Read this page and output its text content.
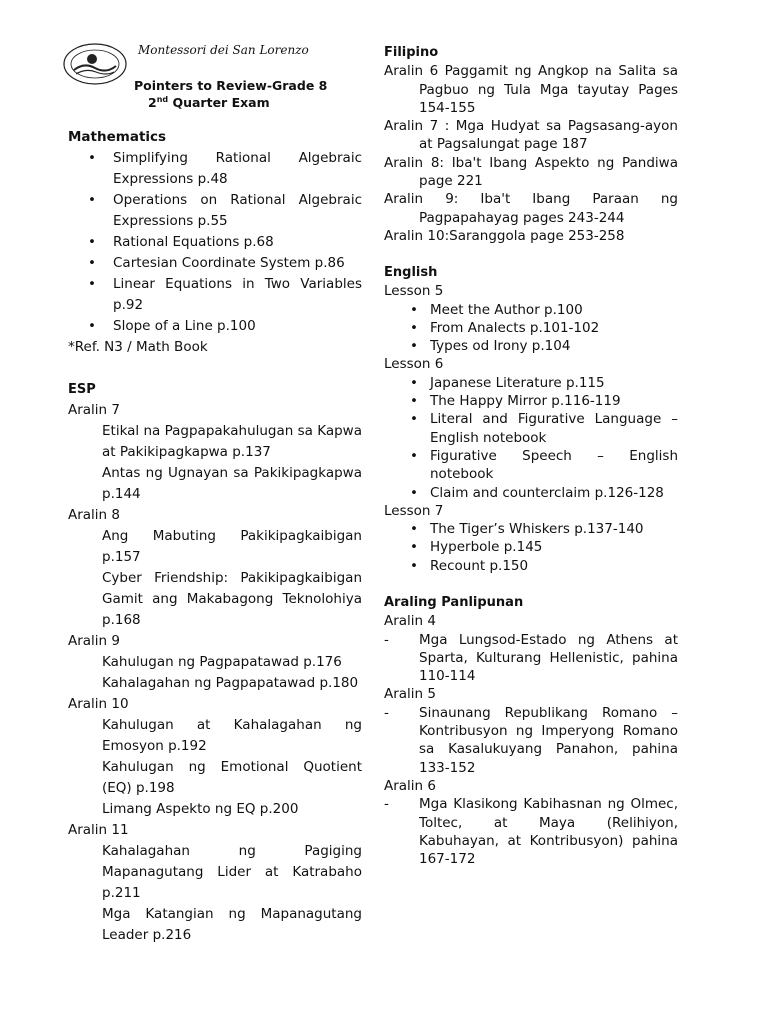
Montessori dei San Lorenzo
Pointers to Review-Grade 8
2nd Quarter Exam
Mathematics
• Simplifying Rational Algebraic Expressions p.48
• Operations on Rational Algebraic Expressions p.55
• Rational Equations p.68
• Cartesian Coordinate System p.86
• Linear Equations in Two Variables p.92
• Slope of a Line p.100
*Ref. N3 / Math Book
ESP
Aralin 7
Etikal na Pagpapakahulugan sa Kapwa at Pakikipagkapwa p.137
Antas ng Ugnayan sa Pakikipagkapwa p.144
Aralin 8
Ang Mabuting Pakikipagkaibigan p.157
Cyber Friendship: Pakikipagkaibigan Gamit ang Makabagong Teknolohiya p.168
Aralin 9
Kahulugan ng Pagpapatawad p.176
Kahalagahan ng Pagpapatawad p.180
Aralin 10
Kahulugan at Kahalagahan ng Emosyon p.192
Kahulugan ng Emotional Quotient (EQ) p.198
Limang Aspekto ng EQ p.200
Aralin 11
Kahalagahan ng Pagiging Mapanagutang Lider at Katrabaho p.211
Mga Katangian ng Mapanagutang Leader p.216
Filipino
Aralin 6 Paggamit ng Angkop na Salita sa Pagbuo ng Tula Mga tayutay Pages 154-155
Aralin 7 : Mga Hudyat sa Pagsasang-ayon at Pagsalungat page 187
Aralin 8: Iba't Ibang Aspekto ng Pandiwa page 221
Aralin 9: Iba't Ibang Paraan ng Pagpapahayag pages 243-244
Aralin 10:Saranggola page 253-258
English
Lesson 5
• Meet the Author p.100
• From Analects p.101-102
• Types od Irony p.104
Lesson 6
• Japanese Literature p.115
• The Happy Mirror p.116-119
• Literal and Figurative Language – English notebook
• Figurative Speech – English notebook
• Claim and counterclaim p.126-128
Lesson 7
• The Tiger’s Whiskers p.137-140
• Hyperbole p.145
• Recount p.150
Araling Panlipunan
Aralin 4
- Mga Lungsod-Estado ng Athens at Sparta, Kulturang Hellenistic, pahina 110-114
Aralin 5
- Sinaunang Republikang Romano – Kontribusyon ng Imperyong Romano sa Kasalukuyang Panahon, pahina 133-152
Aralin 6
- Mga Klasikong Kabihasnan ng Olmec, Toltec, at Maya (Relihiyon, Kabuhayan, at Kontribusyon) pahina 167-172
